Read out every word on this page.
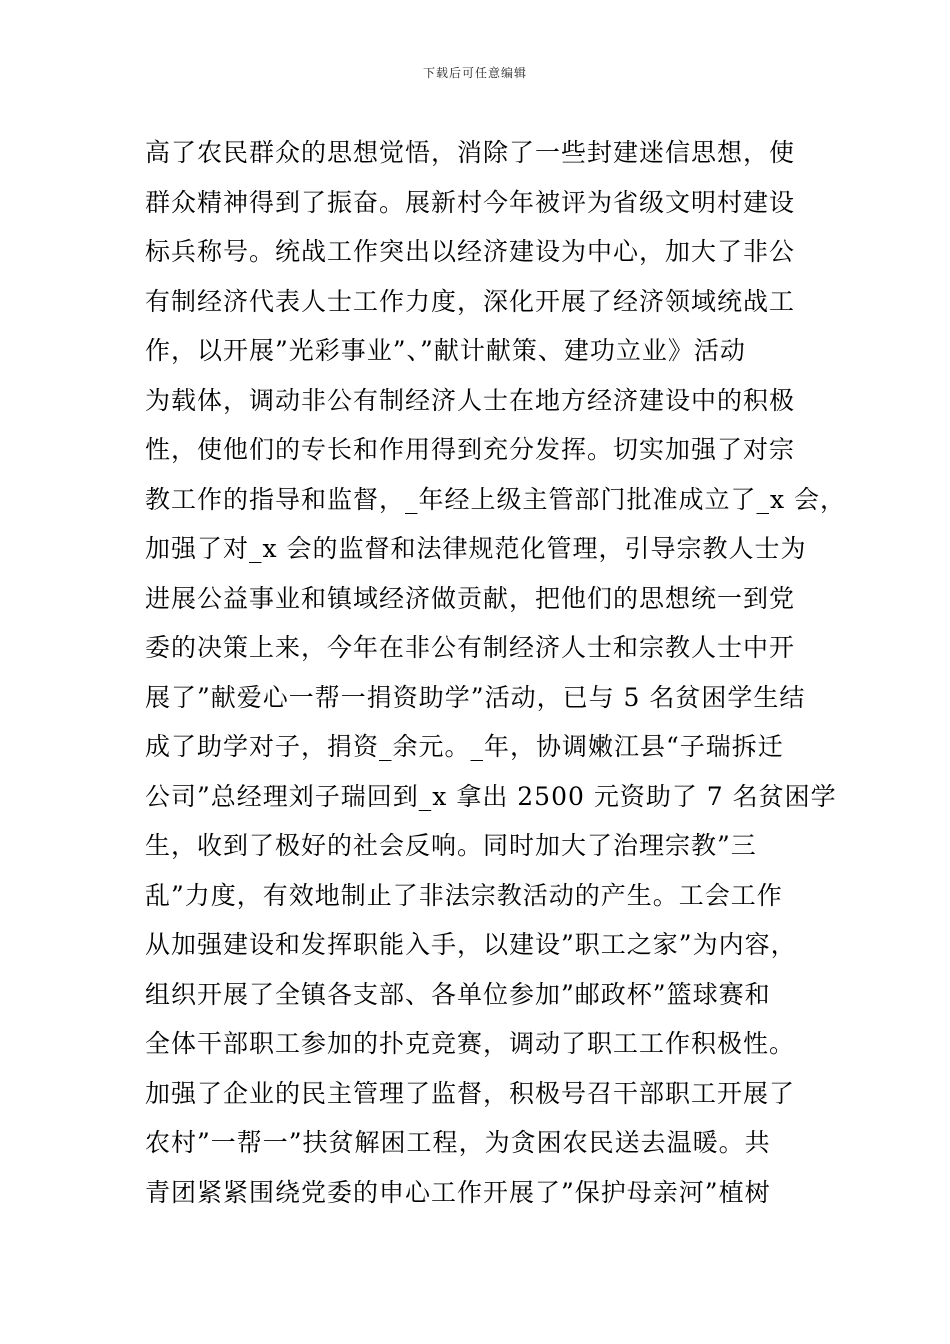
下载后可任意编辑
高了农民群众的思想觉悟，消除了一些封建迷信思想，使
群众精神得到了振奋。展新村今年被评为省级文明村建设
标兵称号。统战工作突出以经济建设为中心，加大了非公
有制经济代表人士工作力度，深化开展了经济领域统战工
作，以开展”光彩事业”、”献计献策、建功立业》活动
为载体，调动非公有制经济人士在地方经济建设中的积极
性，使他们的专长和作用得到充分发挥。切实加强了对宗
教工作的指导和监督，_年经上级主管部门批准成立了_x 会，
加强了对_x 会的监督和法律规范化管理，引导宗教人士为
进展公益事业和镇域经济做贡献，把他们的思想统一到党
委的决策上来，今年在非公有制经济人士和宗教人士中开
展了”献爱心一帮一捐资助学”活动，已与 5 名贫困学生结
成了助学对子，捐资_余元。_年，协调嫩江县“子瑞拆迁
公司”总经理刘子瑞回到_x 拿出 2500 元资助了 7 名贫困学
生，收到了极好的社会反响。同时加大了治理宗教”三
乱”力度，有效地制止了非法宗教活动的产生。工会工作
从加强建设和发挥职能入手，以建设”职工之家”为内容，
组织开展了全镇各支部、各单位参加”邮政杯”篮球赛和
全体干部职工参加的扑克竞赛，调动了职工工作积极性。
加强了企业的民主管理了监督，积极号召干部职工开展了
农村”一帮一”扶贫解困工程，为贪困农民送去温暖。共
青团紧紧围绕党委的申心工作开展了”保护母亲河”植树
